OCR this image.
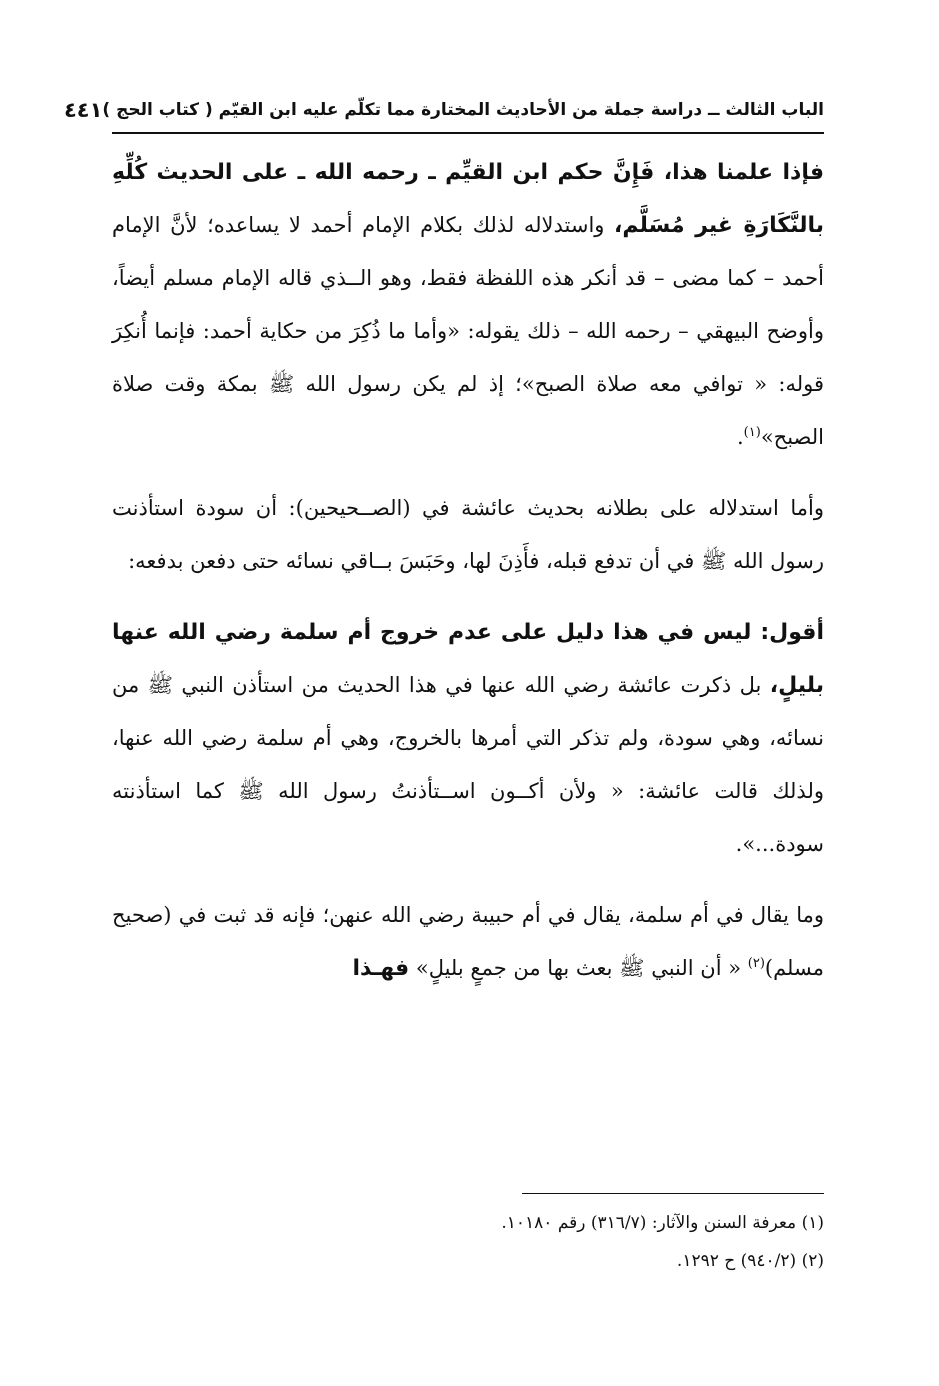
الباب الثالث ــ دراسة جملة من الأحاديث المختارة مما تكلّم عليه ابن القيّم ( كتاب الحج )
٤٤١

فإذا علمنا هذا، فَإِنَّ حكم ابن القيِّم ـ رحمه الله ـ على الحديث كُلِّهِ بالنَّكَارَةِ غير مُسَلَّم، واستدلاله لذلك بكلام الإمام أحمد لا يساعده؛ لأنَّ الإمام أحمد – كما مضى – قد أنكر هذه اللفظة فقط، وهو الــذي قاله الإمام مسلم أيضاً، وأوضح البيهقي – رحمه الله – ذلك يقوله: «وأما ما ذُكِرَ من حكاية أحمد: فإنما أُنكِرَ قوله: « توافي معه صلاة الصبح»؛ إذ لم يكن رسول الله ﷺ بمكة وقت صلاة الصبح»$^{(١)}$.

وأما استدلاله على بطلانه بحديث عائشة في (الصــحيحين): أن سودة استأذنت رسول الله ﷺ في أن تدفع قبله، فأَذِنَ لها، وحَبَسَ بــاقي نسائه حتى دفعن بدفعه:

أقول: ليس في هذا دليل على عدم خروج أم سلمة رضي الله عنها بليلٍ، بل ذكرت عائشة رضي الله عنها في هذا الحديث من استأذن النبي ﷺ من نسائه، وهي سودة، ولم تذكر التي أمرها بالخروج، وهي أم سلمة رضي الله عنها، ولذلك قالت عائشة: « ولأن أكــون اســتأذنتُ رسول الله ﷺ كما استأذنته سودة...».

وما يقال في أم سلمة، يقال في أم حبيبة رضي الله عنهن؛ فإنه قد ثبت في (صحيح مسلم)$^{(٢)}$ « أن النبي ﷺ بعث بها من جمعٍ بليلٍ» فهـذا

(١) معرفة السنن والآثار: (٣١٦/٧) رقم ١٠١٨٠.
(٢) (٩٤٠/٢) ح ١٢٩٢.
